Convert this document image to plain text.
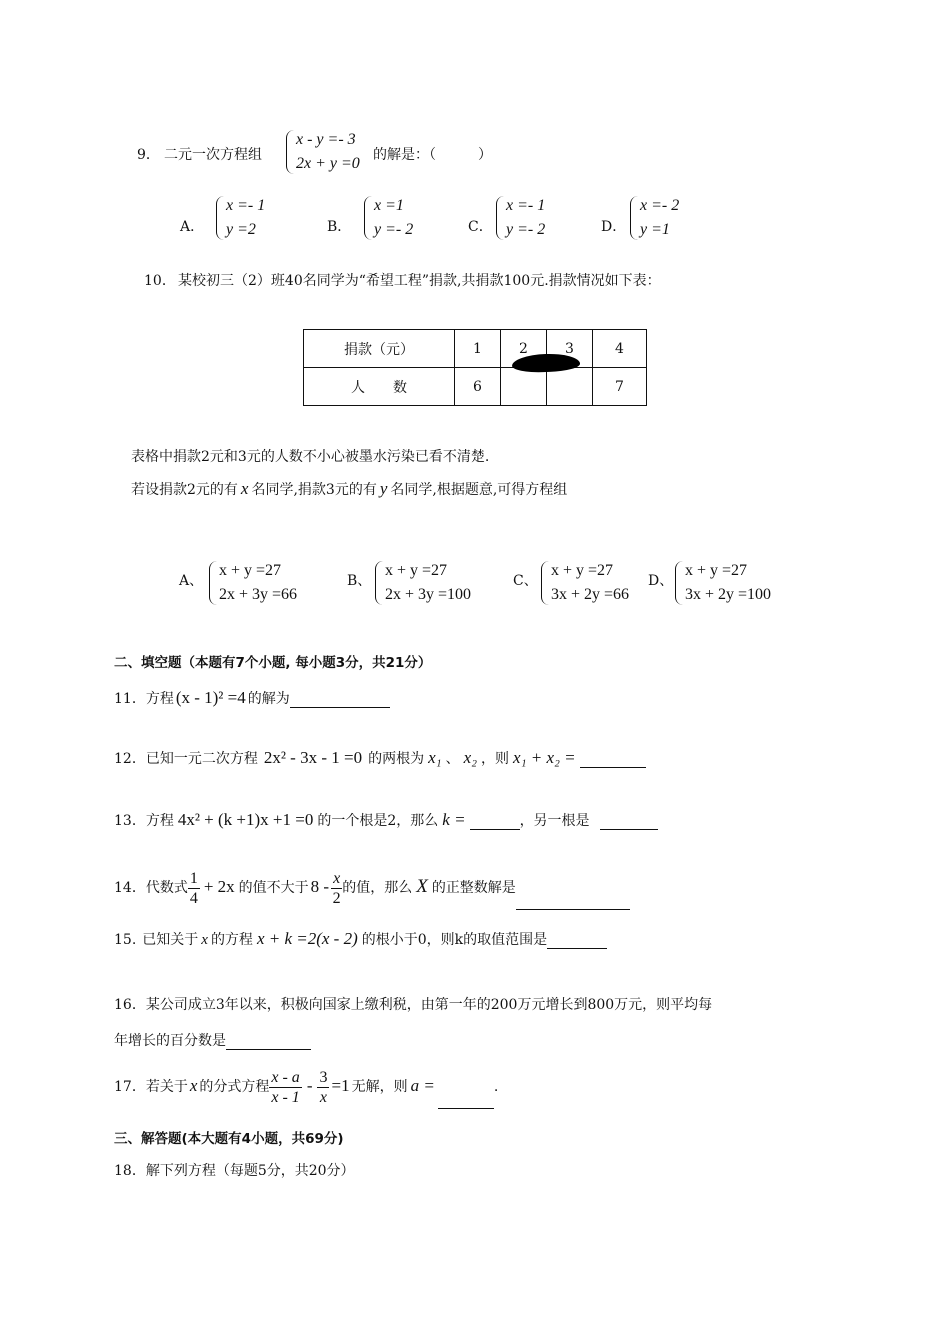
9． 二元一次方程组
x - y =- 3
2x + y =0 的解是：（　　　）
A．
x =- 1
y =2	B．
x =1
y =- 2	C．
x =- 1
y =- 2	D．
x =- 2
y =1
10． 某校初三（2）班40名同学为“希望工程”捐款,共捐款100元.捐款情况如下表：
捐款（元）	1	2	3	4
人　　数	6			7
表格中捐款2元和3元的人数不小心被墨水污染已看不清楚.
若设捐款2元的有 x 名同学,捐款3元的有 y 名同学,根据题意,可得方程组
A、
x + y =27
2x + 3y =66
B、
x + y =27
2x + 3y =100
C、
x + y =27
3x + 2y =66
D、
x + y =27
3x + 2y =100
二、填空题（本题有7个小题, 每小题3分，共21分）
11．方程 (x - 1)² =4 的解为
12．已知一元二次方程 2x² - 3x - 1 =0 的两根为 x₁ 、 x₂ ，则 x₁ + x₂ =
13．方程 4x² + (k +1)x +1 =0 的一个根是2，那么 k =	，另一根是
14．代数式 $\frac{1}{4} + 2x$ 的值不大于 $8 - \frac{x}{2}$ 的值，那么 X 的正整数解是
15. 已知关于 x 的方程 x + k =2(x - 2) 的根小于0，则k的取值范围是
16．某公司成立3年以来，积极向国家上缴利税，由第一年的200万元增长到800万元，则平均每
年增长的百分数是
17．若关于 x 的分式方程 $\frac{x - a}{x - 1} - \frac{3}{x} =1$ 无解，则 a =	.
三、解答题(本大题有4小题，共69分)
18．解下列方程（每题5分，共20分）
